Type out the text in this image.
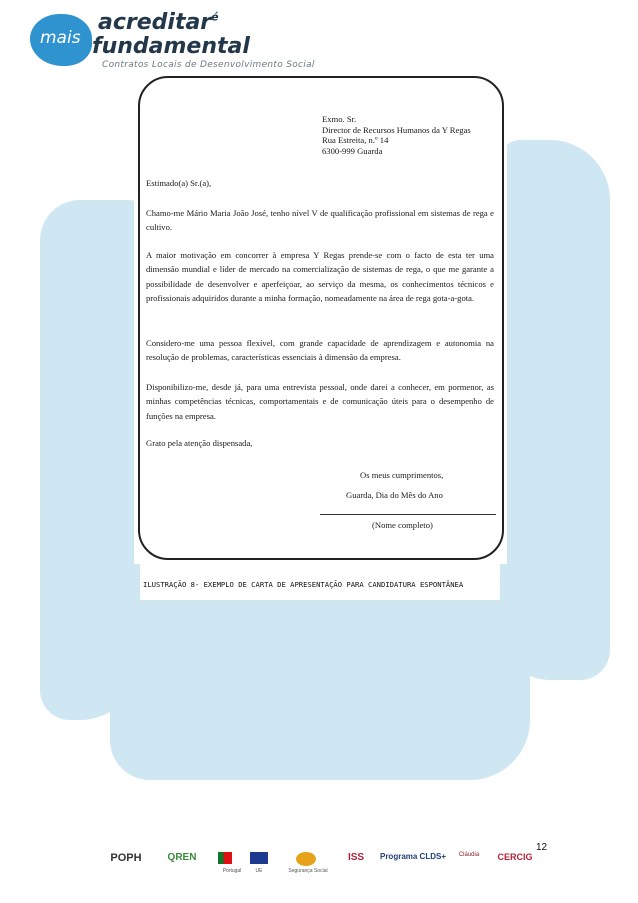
mais
acreditar$^é$
fundamental
Contratos Locais de Desenvolvimento Social
Exmo. Sr.
Director de Recursos Humanos da Y Regas
Rua Estreita, n.º 14
6300-999 Guarda

Estimado(a) Sr.(a),

Chamo-me Mário Maria João José, tenho nível V de qualificação profissional em sistemas de rega e cultivo.

A maior motivação em concorrer à empresa Y Regas prende-se com o facto de esta ter uma dimensão mundial e líder de mercado na comercialização de sistemas de rega, o que me garante a possibilidade de desenvolver e aperfeiçoar, ao serviço da mesma, os conhecimentos técnicos e profissionais adquiridos durante a minha formação, nomeadamente na área de rega gota-a-gota.

Considero-me uma pessoa flexível, com grande capacidade de aprendizagem e autonomia na resolução de problemas, características essenciais à dimensão da empresa.

Disponibilizo-me, desde já, para uma entrevista pessoal, onde darei a conhecer, em pormenor, as minhas competências técnicas, comportamentais e de comunicação úteis para o desempenho de funções na empresa.

Grato pela atenção dispensada,

Os meus cumprimentos,
Guarda, Dia do Mês do Ano
(Nome completo)
ILUSTRAÇÃO 8- EXEMPLO DE CARTA DE APRESENTAÇÃO PARA CANDIDATURA ESPONTÂNEA
12
POPH	QREN
Portugal	UE	Segurança Social
ISS	Programa CLDS+	Cláudia	CERCIG
